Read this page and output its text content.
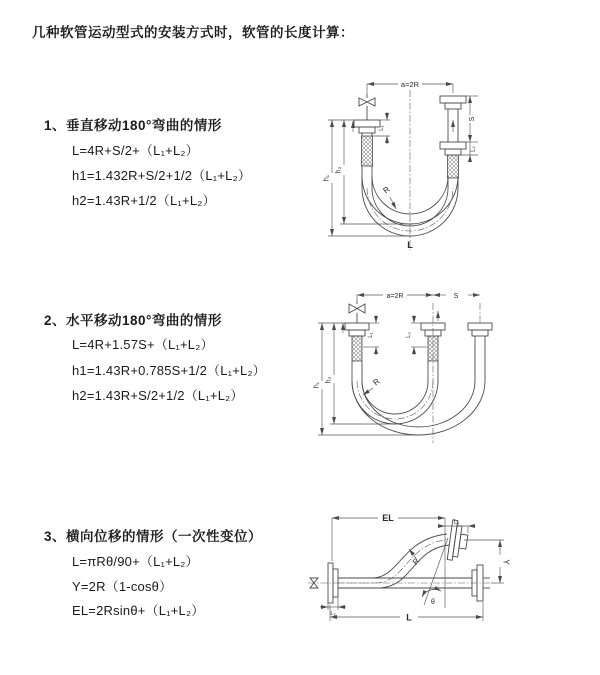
几种软管运动型式的安装方式时，软管的长度计算：
1、垂直移动180°弯曲的情形
L=4R+S/2+（L₁+L₂）
h1=1.432R+S/2+1/2（L₁+L₂）
h2=1.43R+1/2（L₁+L₂）
a=2R
h₁
h₂
L₁
S
L₂
R
L
2、水平移动180°弯曲的情形
L=4R+1.57S+（L₁+L₂）
h1=1.43R+0.785S+1/2（L₁+L₂）
h2=1.43R+S/2+1/2（L₁+L₂）
a=2R	S
h₁
h₂
L₁	L₂
R
3、横向位移的情形（一次性变位）
L=πRθ/90+（L₁+L₂）
Y=2R（1-cosθ）
EL=2Rsinθ+（L₁+L₂）
EL	L₁
Y
θ
R
L₂	L
